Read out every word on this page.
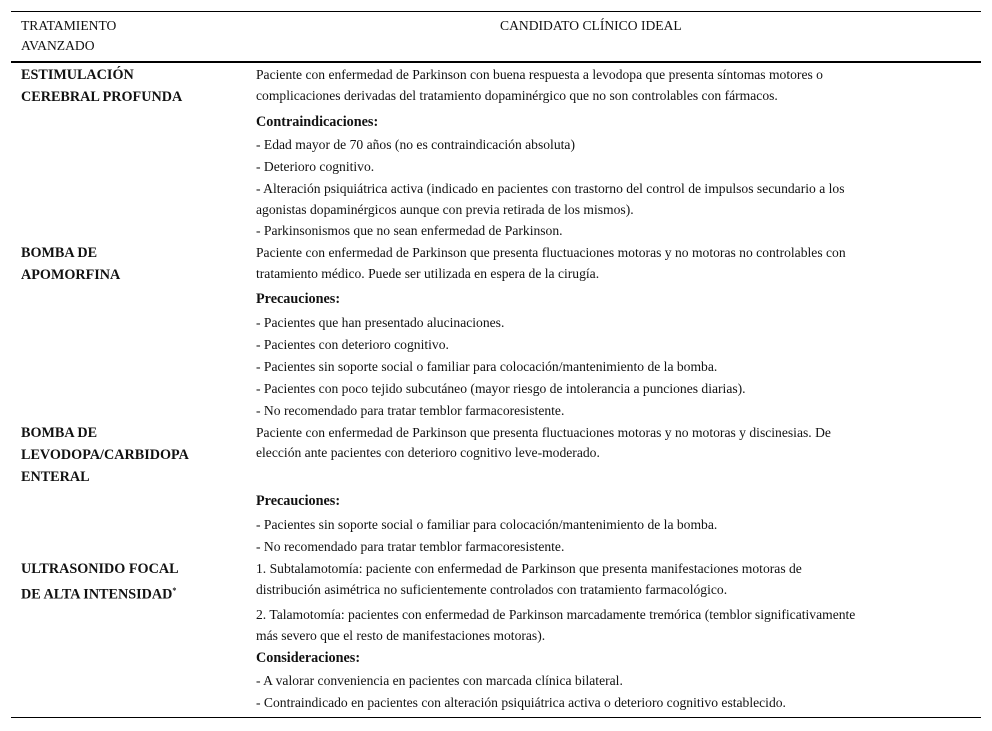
TRATAMIENTO
AVANZADO
CANDIDATO CLÍNICO IDEAL
ESTIMULACIÓN
CEREBRAL PROFUNDA
Paciente con enfermedad de Parkinson con buena respuesta a levodopa que presenta síntomas motores o
complicaciones derivadas del tratamiento dopaminérgico que no son controlables con fármacos.
Contraindicaciones:
- Edad mayor de 70 años (no es contraindicación absoluta)
- Deterioro cognitivo.
- Alteración psiquiátrica activa (indicado en pacientes con trastorno del control de impulsos secundario a los
agonistas dopaminérgicos aunque con previa retirada de los mismos).
- Parkinsonismos que no sean enfermedad de Parkinson.
BOMBA DE
APOMORFINA
Paciente con enfermedad de Parkinson que presenta fluctuaciones motoras y no motoras no controlables con
tratamiento médico. Puede ser utilizada en espera de la cirugía.
Precauciones:
- Pacientes que han presentado alucinaciones.
- Pacientes con deterioro cognitivo.
- Pacientes sin soporte social o familiar para colocación/mantenimiento de la bomba.
- Pacientes con poco tejido subcutáneo (mayor riesgo de intolerancia a punciones diarias).
- No recomendado para tratar temblor farmacoresistente.
BOMBA DE
LEVODOPA/CARBIDOPA
ENTERAL
Paciente con enfermedad de Parkinson que presenta fluctuaciones motoras y no motoras y discinesias. De
elección ante pacientes con deterioro cognitivo leve-moderado.
Precauciones:
- Pacientes sin soporte social o familiar para colocación/mantenimiento de la bomba.
- No recomendado para tratar temblor farmacoresistente.
ULTRASONIDO FOCAL
DE ALTA INTENSIDAD*
1. Subtalamotomía: paciente con enfermedad de Parkinson que presenta manifestaciones motoras de
distribución asimétrica no suficientemente controlados con tratamiento farmacológico.
2. Talamotomía: pacientes con enfermedad de Parkinson marcadamente tremórica (temblor significativamente
más severo que el resto de manifestaciones motoras).
Consideraciones:
- A valorar conveniencia en pacientes con marcada clínica bilateral.
- Contraindicado en pacientes con alteración psiquiátrica activa o deterioro cognitivo establecido.
